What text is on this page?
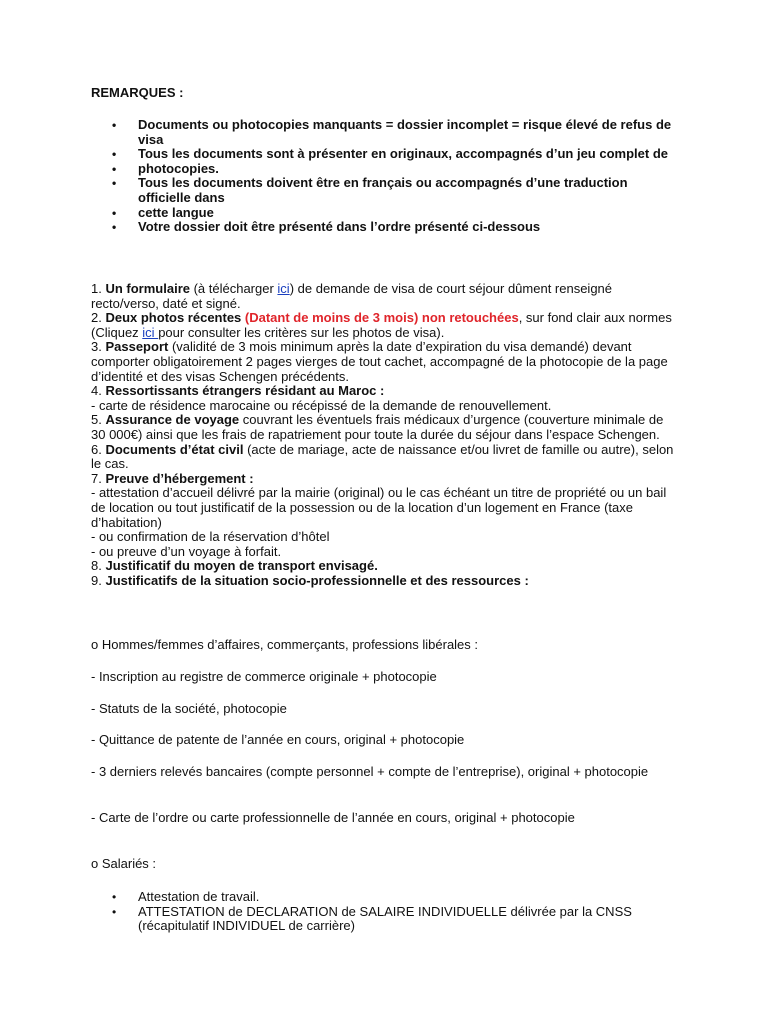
REMARQUES :
• Documents ou photocopies manquants = dossier incomplet = risque élevé de refus de visa
• Tous les documents sont à présenter en originaux, accompagnés d’un jeu complet de
• photocopies.
• Tous les documents doivent être en français ou accompagnés d’une traduction officielle dans
• cette langue
• Votre dossier doit être présenté dans l’ordre présenté ci-dessous

1. Un formulaire (à télécharger ici) de demande de visa de court séjour dûment renseigné recto/verso, daté et signé.

2. Deux photos récentes (Datant de moins de 3 mois) non retouchées, sur fond clair aux normes (Cliquez ici pour consulter les critères sur les photos de visa).

3. Passeport (validité de 3 mois minimum après la date d’expiration du visa demandé) devant comporter obligatoirement 2 pages vierges de tout cachet, accompagné de la photocopie de la page d’identité et des visas Schengen précédents.

4. Ressortissants étrangers résidant au Maroc :

- carte de résidence marocaine ou récépissé de la demande de renouvellement.

5. Assurance de voyage couvrant les éventuels frais médicaux d’urgence (couverture minimale de 30 000€) ainsi que les frais de rapatriement pour toute la durée du séjour dans l’espace Schengen.

6. Documents d’état civil (acte de mariage, acte de naissance et/ou livret de famille ou autre), selon le cas.

7. Preuve d’hébergement :

- attestation d’accueil délivré par la mairie (original) ou le cas échéant un titre de propriété ou un bail de location ou tout justificatif de la possession ou de la location d’un logement en France (taxe d’habitation)

- ou confirmation de la réservation d’hôtel

- ou preuve d’un voyage à forfait.

8. Justificatif du moyen de transport envisagé.

9. Justificatifs de la situation socio-professionnelle et des ressources :

o Hommes/femmes d’affaires, commerçants, professions libérales :
- Inscription au registre de commerce originale + photocopie
- Statuts de la société, photocopie
- Quittance de patente de l’année en cours, original + photocopie
- 3 derniers relevés bancaires (compte personnel + compte de l’entreprise), original + photocopie
- Carte de l’ordre ou carte professionnelle de l’année en cours, original + photocopie
o Salariés :
• Attestation de travail.
• ATTESTATION de DECLARATION de SALAIRE INDIVIDUELLE délivrée par la CNSS (récapitulatif INDIVIDUEL de carrière)
